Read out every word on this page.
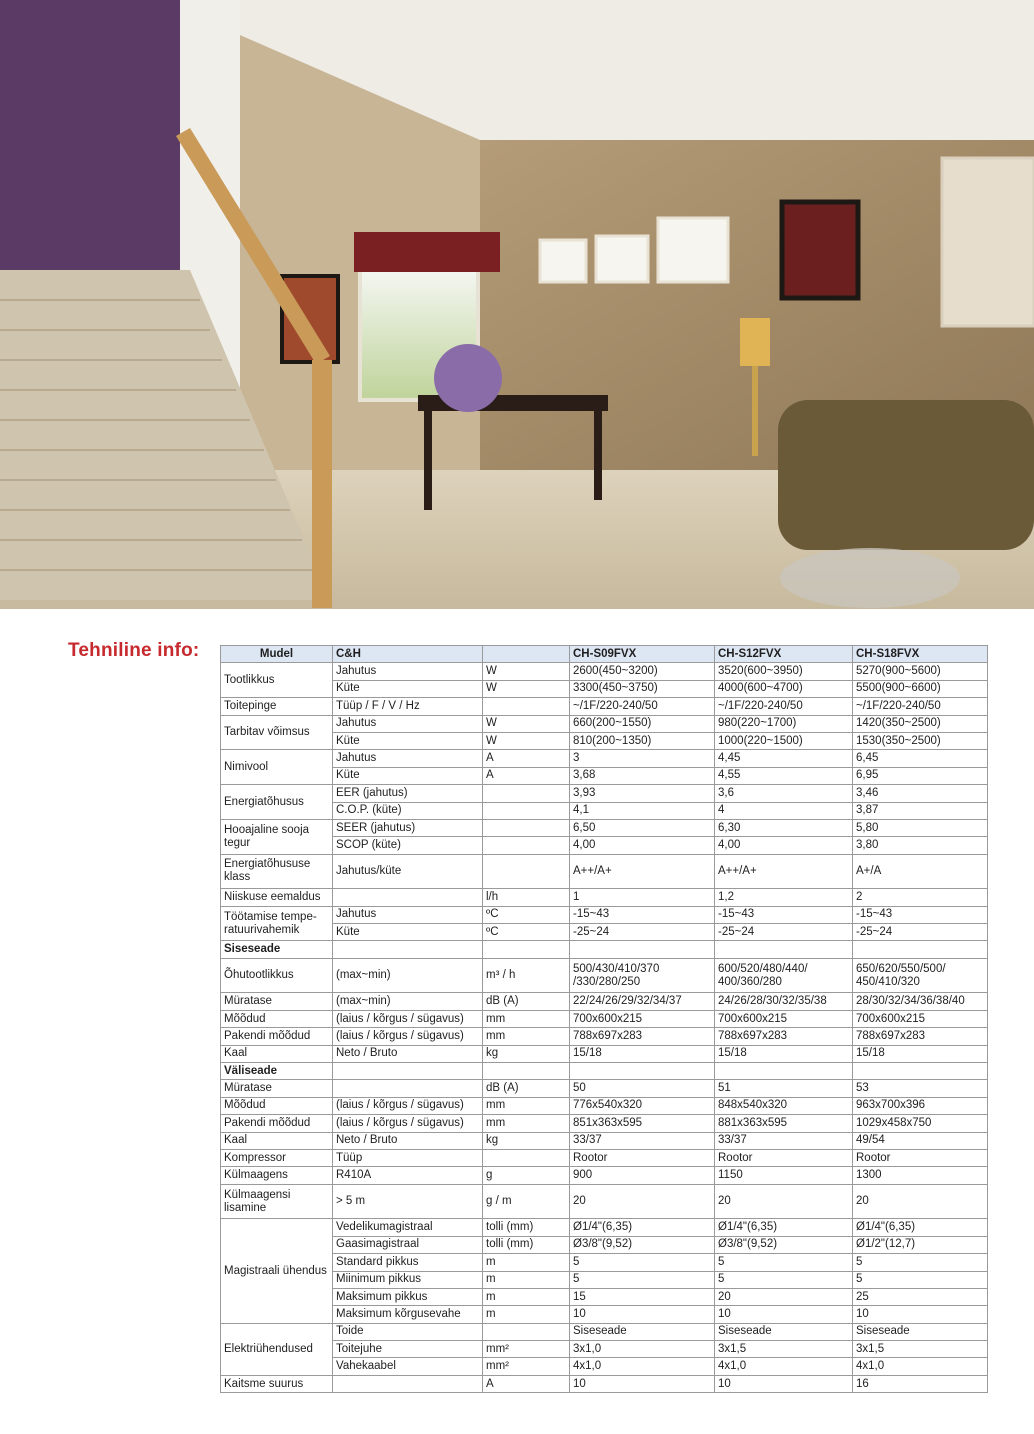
Tehniline info:	Mudel	C&H		CH-S09FVX	CH-S12FVX	CH-S18FVX
Tootlikkus	Jahutus	W	2600(450~3200)	3520(600~3950)	5270(900~5600)
	Küte	W	3300(450~3750)	4000(600~4700)	5500(900~6600)
Toitepinge	Tüüp / F / V / Hz		~/1F/220-240/50	~/1F/220-240/50	~/1F/220-240/50
Tarbitav võimsus	Jahutus	W	660(200~1550)	980(220~1700)	1420(350~2500)
	Küte	W	810(200~1350)	1000(220~1500)	1530(350~2500)
Nimivool	Jahutus	A	3	4,45	6,45
	Küte	A	3,68	4,55	6,95
Energiatõhusus	EER (jahutus)		3,93	3,6	3,46
	C.O.P. (küte)		4,1	4	3,87
Hooajaline sooja tegur	SEER (jahutus)		6,50	6,30	5,80
	SCOP (küte)		4,00	4,00	3,80
Energiatõhususe klass	Jahutus/küte		A++/A+	A++/A+	A+/A
Niiskuse eemaldus		l/h	1	1,2	2
Töötamise tempe-ratuurivahemik	Jahutus	ºC	-15~43	-15~43	-15~43
	Küte	ºC	-25~24	-25~24	-25~24
Siseseade					
Õhutootlikkus	(max~min)	m³ / h	500/430/410/370 /330/280/250	600/520/480/440/ 400/360/280	650/620/550/500/ 450/410/320
Müratase	(max~min)	dB (A)	22/24/26/29/32/34/37	24/26/28/30/32/35/38	28/30/32/34/36/38/40
Mõõdud	(laius / kõrgus / sügavus)	mm	700x600x215	700x600x215	700x600x215
Pakendi mõõdud	(laius / kõrgus / sügavus)	mm	788x697x283	788x697x283	788x697x283
Kaal	Neto / Bruto	kg	15/18	15/18	15/18
Väliseade					
Müratase		dB (A)	50	51	53
Mõõdud	(laius / kõrgus / sügavus)	mm	776x540x320	848x540x320	963x700x396
Pakendi mõõdud	(laius / kõrgus / sügavus)	mm	851x363x595	881x363x595	1029x458x750
Kaal	Neto / Bruto	kg	33/37	33/37	49/54
Kompressor	Tüüp		Rootor	Rootor	Rootor
Külmaagens	R410A	g	900	1150	1300
Külmaagensi lisamine	> 5 m	g / m	20	20	20
Magistraali ühendus	Vedelikumagistraal	tolli (mm)	Ø1/4"(6,35)	Ø1/4"(6,35)	Ø1/4"(6,35)
	Gaasimagistraal	tolli (mm)	Ø3/8"(9,52)	Ø3/8"(9,52)	Ø1/2"(12,7)
	Standard pikkus	m	5	5	5
	Miinimum pikkus	m	5	5	5
	Maksimum pikkus	m	15	20	25
	Maksimum kõrgusevahe	m	10	10	10
Elektriühendused	Toide		Siseseade	Siseseade	Siseseade
	Toitejuhe	mm²	3x1,0	3x1,5	3x1,5
	Vahekaabel	mm²	4x1,0	4x1,0	4x1,0
Kaitsme suurus		A	10	10	16
